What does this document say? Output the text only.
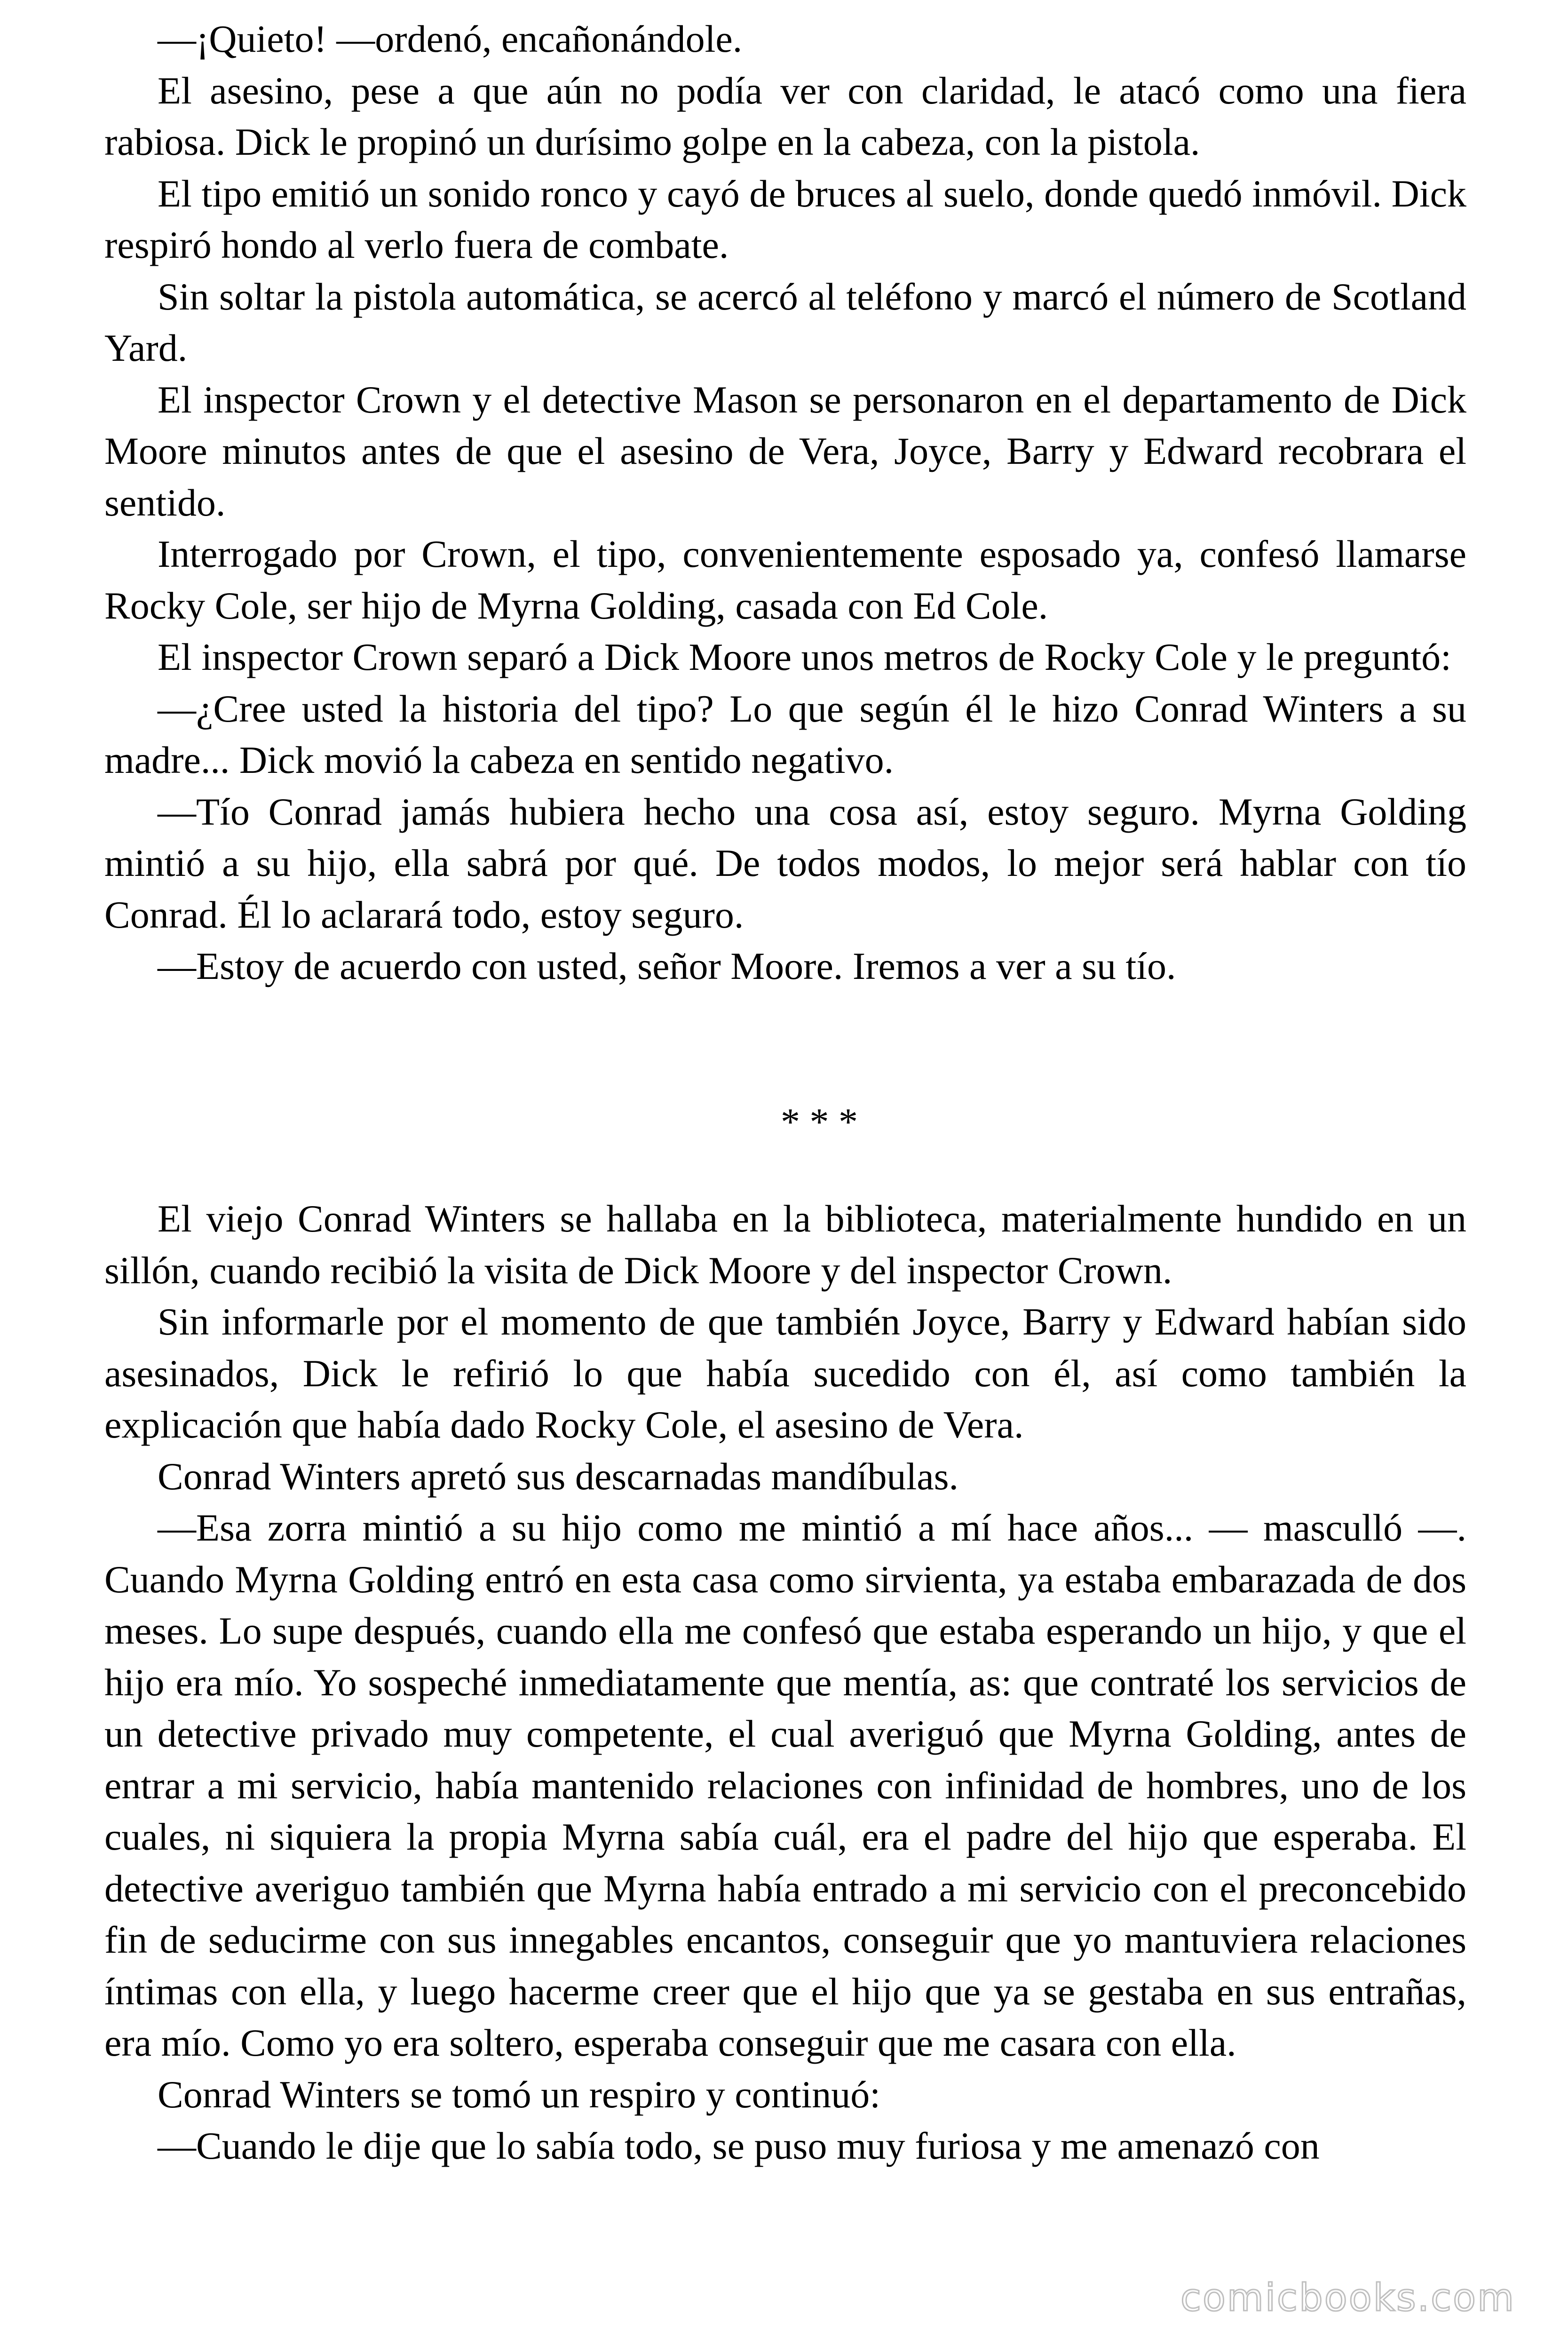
—¡Quieto! —ordenó, encañonándole.

El asesino, pese a que aún no podía ver con claridad, le atacó como una fiera rabiosa. Dick le propinó un durísimo golpe en la cabeza, con la pistola.

El tipo emitió un sonido ronco y cayó de bruces al suelo, donde quedó inmóvil. Dick respiró hondo al verlo fuera de combate.

Sin soltar la pistola automática, se acercó al teléfono y marcó el número de Scotland Yard.

El inspector Crown y el detective Mason se personaron en el departamento de Dick Moore minutos antes de que el asesino de Vera, Joyce, Barry y Edward recobrara el sentido.

Interrogado por Crown, el tipo, convenientemente esposado ya, confesó llamarse Rocky Cole, ser hijo de Myrna Golding, casada con Ed Cole.

El inspector Crown separó a Dick Moore unos metros de Rocky Cole y le preguntó:

—¿Cree usted la historia del tipo? Lo que según él le hizo Conrad Winters a su madre... Dick movió la cabeza en sentido negativo.

—Tío Conrad jamás hubiera hecho una cosa así, estoy seguro. Myrna Golding mintió a su hijo, ella sabrá por qué. De todos modos, lo mejor será hablar con tío Conrad. Él lo aclarará todo, estoy seguro.

—Estoy de acuerdo con usted, señor Moore. Iremos a ver a su tío.

* * *

El viejo Conrad Winters se hallaba en la biblioteca, materialmente hundido en un sillón, cuando recibió la visita de Dick Moore y del inspector Crown.

Sin informarle por el momento de que también Joyce, Barry y Edward habían sido asesinados, Dick le refirió lo que había sucedido con él, así como también la explicación que había dado Rocky Cole, el asesino de Vera.

Conrad Winters apretó sus descarnadas mandíbulas.

—Esa zorra mintió a su hijo como me mintió a mí hace años... — masculló —. Cuando Myrna Golding entró en esta casa como sirvienta, ya estaba embarazada de dos meses. Lo supe después, cuando ella me confesó que estaba esperando un hijo, y que el hijo era mío. Yo sospeché inmediatamente que mentía, as: que contraté los servicios de un detective privado muy competente, el cual averiguó que Myrna Golding, antes de entrar a mi servicio, había mantenido relaciones con infinidad de hombres, uno de los cuales, ni siquiera la propia Myrna sabía cuál, era el padre del hijo que esperaba. El detective averiguo también que Myrna había entrado a mi servicio con el preconcebido fin de seducirme con sus innegables encantos, conseguir que yo mantuviera relaciones íntimas con ella, y luego hacerme creer que el hijo que ya se gestaba en sus entrañas, era mío. Como yo era soltero, esperaba conseguir que me casara con ella.

Conrad Winters se tomó un respiro y continuó:

—Cuando le dije que lo sabía todo, se puso muy furiosa y me amenazó con

comicbooks.com
